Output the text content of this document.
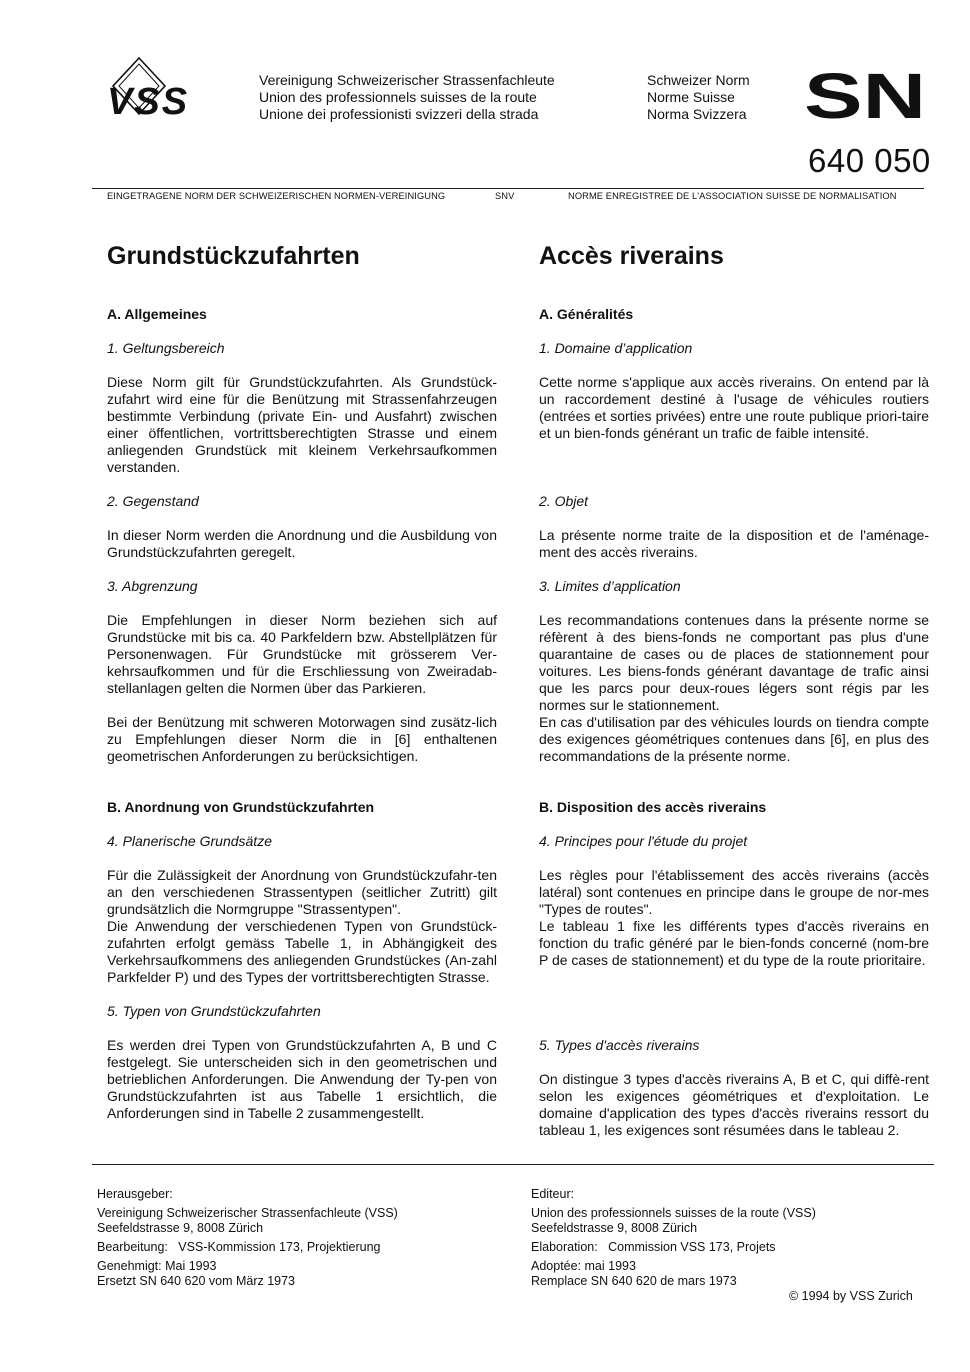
VSS
Vereinigung Schweizerischer Strassenfachleute
Union des professionnels suisses de la route
Unione dei professionisti svizzeri della strada
Schweizer Norm
Norme Suisse
Norma Svizzera SN
640 050
EINGETRAGENE NORM DER SCHWEIZERISCHEN NORMEN-VEREINIGUNG	SNV	NORME ENREGISTREE DE L'ASSOCIATION SUISSE DE NORMALISATION

Grundstückzufahrten

A. Allgemeines

1. Geltungsbereich

Diese Norm gilt für Grundstückzufahrten. Als Grundstück-zufahrt wird eine für die Benützung mit Strassenfahrzeugen bestimmte Verbindung (private Ein- und Ausfahrt) zwischen einer öffentlichen, vortrittsberechtigten Strasse und einem anliegenden Grundstück mit kleinem Verkehrsaufkommen verstanden.

2. Gegenstand

In dieser Norm werden die Anordnung und die Ausbildung von Grundstückzufahrten geregelt.

3. Abgrenzung

Die Empfehlungen in dieser Norm beziehen sich auf Grundstücke mit bis ca. 40 Parkfeldern bzw. Abstellplätzen für Personenwagen. Für Grundstücke mit grösserem Ver-kehrsaufkommen und für die Erschliessung von Zweiradab-stellanlagen gelten die Normen über das Parkieren.

Bei der Benützung mit schweren Motorwagen sind zusätz-lich zu Empfehlungen dieser Norm die in [6] enthaltenen geometrischen Anforderungen zu berücksichtigen.

B. Anordnung von Grundstückzufahrten

4. Planerische Grundsätze

Für die Zulässigkeit der Anordnung von Grundstückzufahr-ten an den verschiedenen Strassentypen (seitlicher Zutritt) gilt grundsätzlich die Normgruppe "Strassentypen".

Die Anwendung der verschiedenen Typen von Grundstück-zufahrten erfolgt gemäss Tabelle 1, in Abhängigkeit des Verkehrsaufkommens des anliegenden Grundstückes (An-zahl Parkfelder P) und des Types der vortrittsberechtigten Strasse.

5. Typen von Grundstückzufahrten

Es werden drei Typen von Grundstückzufahrten A, B und C festgelegt. Sie unterscheiden sich in den geometrischen und betrieblichen Anforderungen. Die Anwendung der Ty-pen von Grundstückzufahrten ist aus Tabelle 1 ersichtlich, die Anforderungen sind in Tabelle 2 zusammengestellt.

Accès riverains

A. Généralités

1. Domaine d’application

Cette norme s'applique aux accès riverains. On entend par là un raccordement destiné à l'usage de véhicules routiers (entrées et sorties privées) entre une route publique priori-taire et un bien-fonds générant un trafic de faible intensité.

2. Objet

La présente norme traite de la disposition et de l'aménage-ment des accès riverains.

3. Limites d’application

Les recommandations contenues dans la présente norme se réfèrent à des biens-fonds ne comportant pas plus d'une quarantaine de cases ou de places de stationnement pour voitures. Les biens-fonds générant davantage de trafic ainsi que les parcs pour deux-roues légers sont régis par les normes sur le stationnement.

En cas d'utilisation par des véhicules lourds on tiendra compte des exigences géométriques contenues dans [6], en plus des recommandations de la présente norme.

B. Disposition des accès riverains

4. Principes pour l'étude du projet

Les règles pour l'établissement des accès riverains (accès latéral) sont contenues en principe dans le groupe de nor-mes "Types de routes".

Le tableau 1 fixe les différents types d'accès riverains en fonction du trafic généré par le bien-fonds concerné (nom-bre P de cases de stationnement) et du type de la route prioritaire.

5. Types d'accès riverains

On distingue 3 types d'accès riverains A, B et C, qui diffè-rent selon les exigences géométriques et d'exploitation. Le domaine d'application des types d'accès riverains ressort du tableau 1, les exigences sont résumées dans le tableau 2.

Herausgeber:

Vereinigung Schweizerischer Strassenfachleute (VSS)

Seefeldstrasse 9, 8008 Zürich

Bearbeitung:   VSS-Kommission 173, Projektierung

Genehmigt: Mai 1993

Ersetzt SN 640 620 vom März 1973

Editeur:

Union des professionnels suisses de la route (VSS)

Seefeldstrasse 9, 8008 Zürich

Elaboration:   Commission VSS 173, Projets

Adoptée: mai 1993

Remplace SN 640 620 de mars 1973

© 1994 by VSS Zurich
